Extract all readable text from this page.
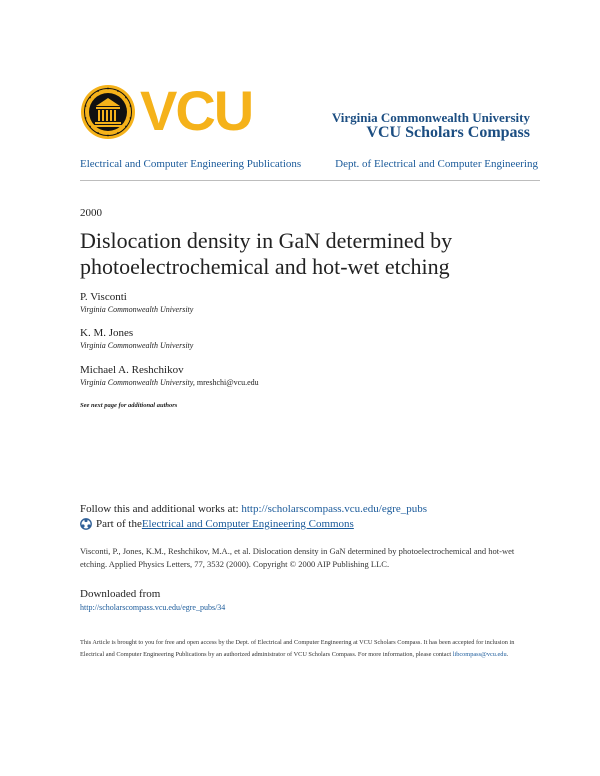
VCU	Virginia Commonwealth University
VCU Scholars Compass
Electrical and Computer Engineering Publications	Dept. of Electrical and Computer Engineering
2000
Dislocation density in GaN determined by photoelectrochemical and hot-wet etching
P. Visconti
Virginia Commonwealth University
K. M. Jones
Virginia Commonwealth University
Michael A. Reshchikov
Virginia Commonwealth University, mreshchi@vcu.edu
See next page for additional authors
Follow this and additional works at: http://scholarscompass.vcu.edu/egre_pubs
Part of the Electrical and Computer Engineering Commons
Visconti, P., Jones, K.M., Reshchikov, M.A., et al. Dislocation density in GaN determined by photoelectrochemical and hot-wet etching. Applied Physics Letters, 77, 3532 (2000). Copyright © 2000 AIP Publishing LLC.
Downloaded from
http://scholarscompass.vcu.edu/egre_pubs/34
This Article is brought to you for free and open access by the Dept. of Electrical and Computer Engineering at VCU Scholars Compass. It has been accepted for inclusion in Electrical and Computer Engineering Publications by an authorized administrator of VCU Scholars Compass. For more information, please contact libcompass@vcu.edu.
